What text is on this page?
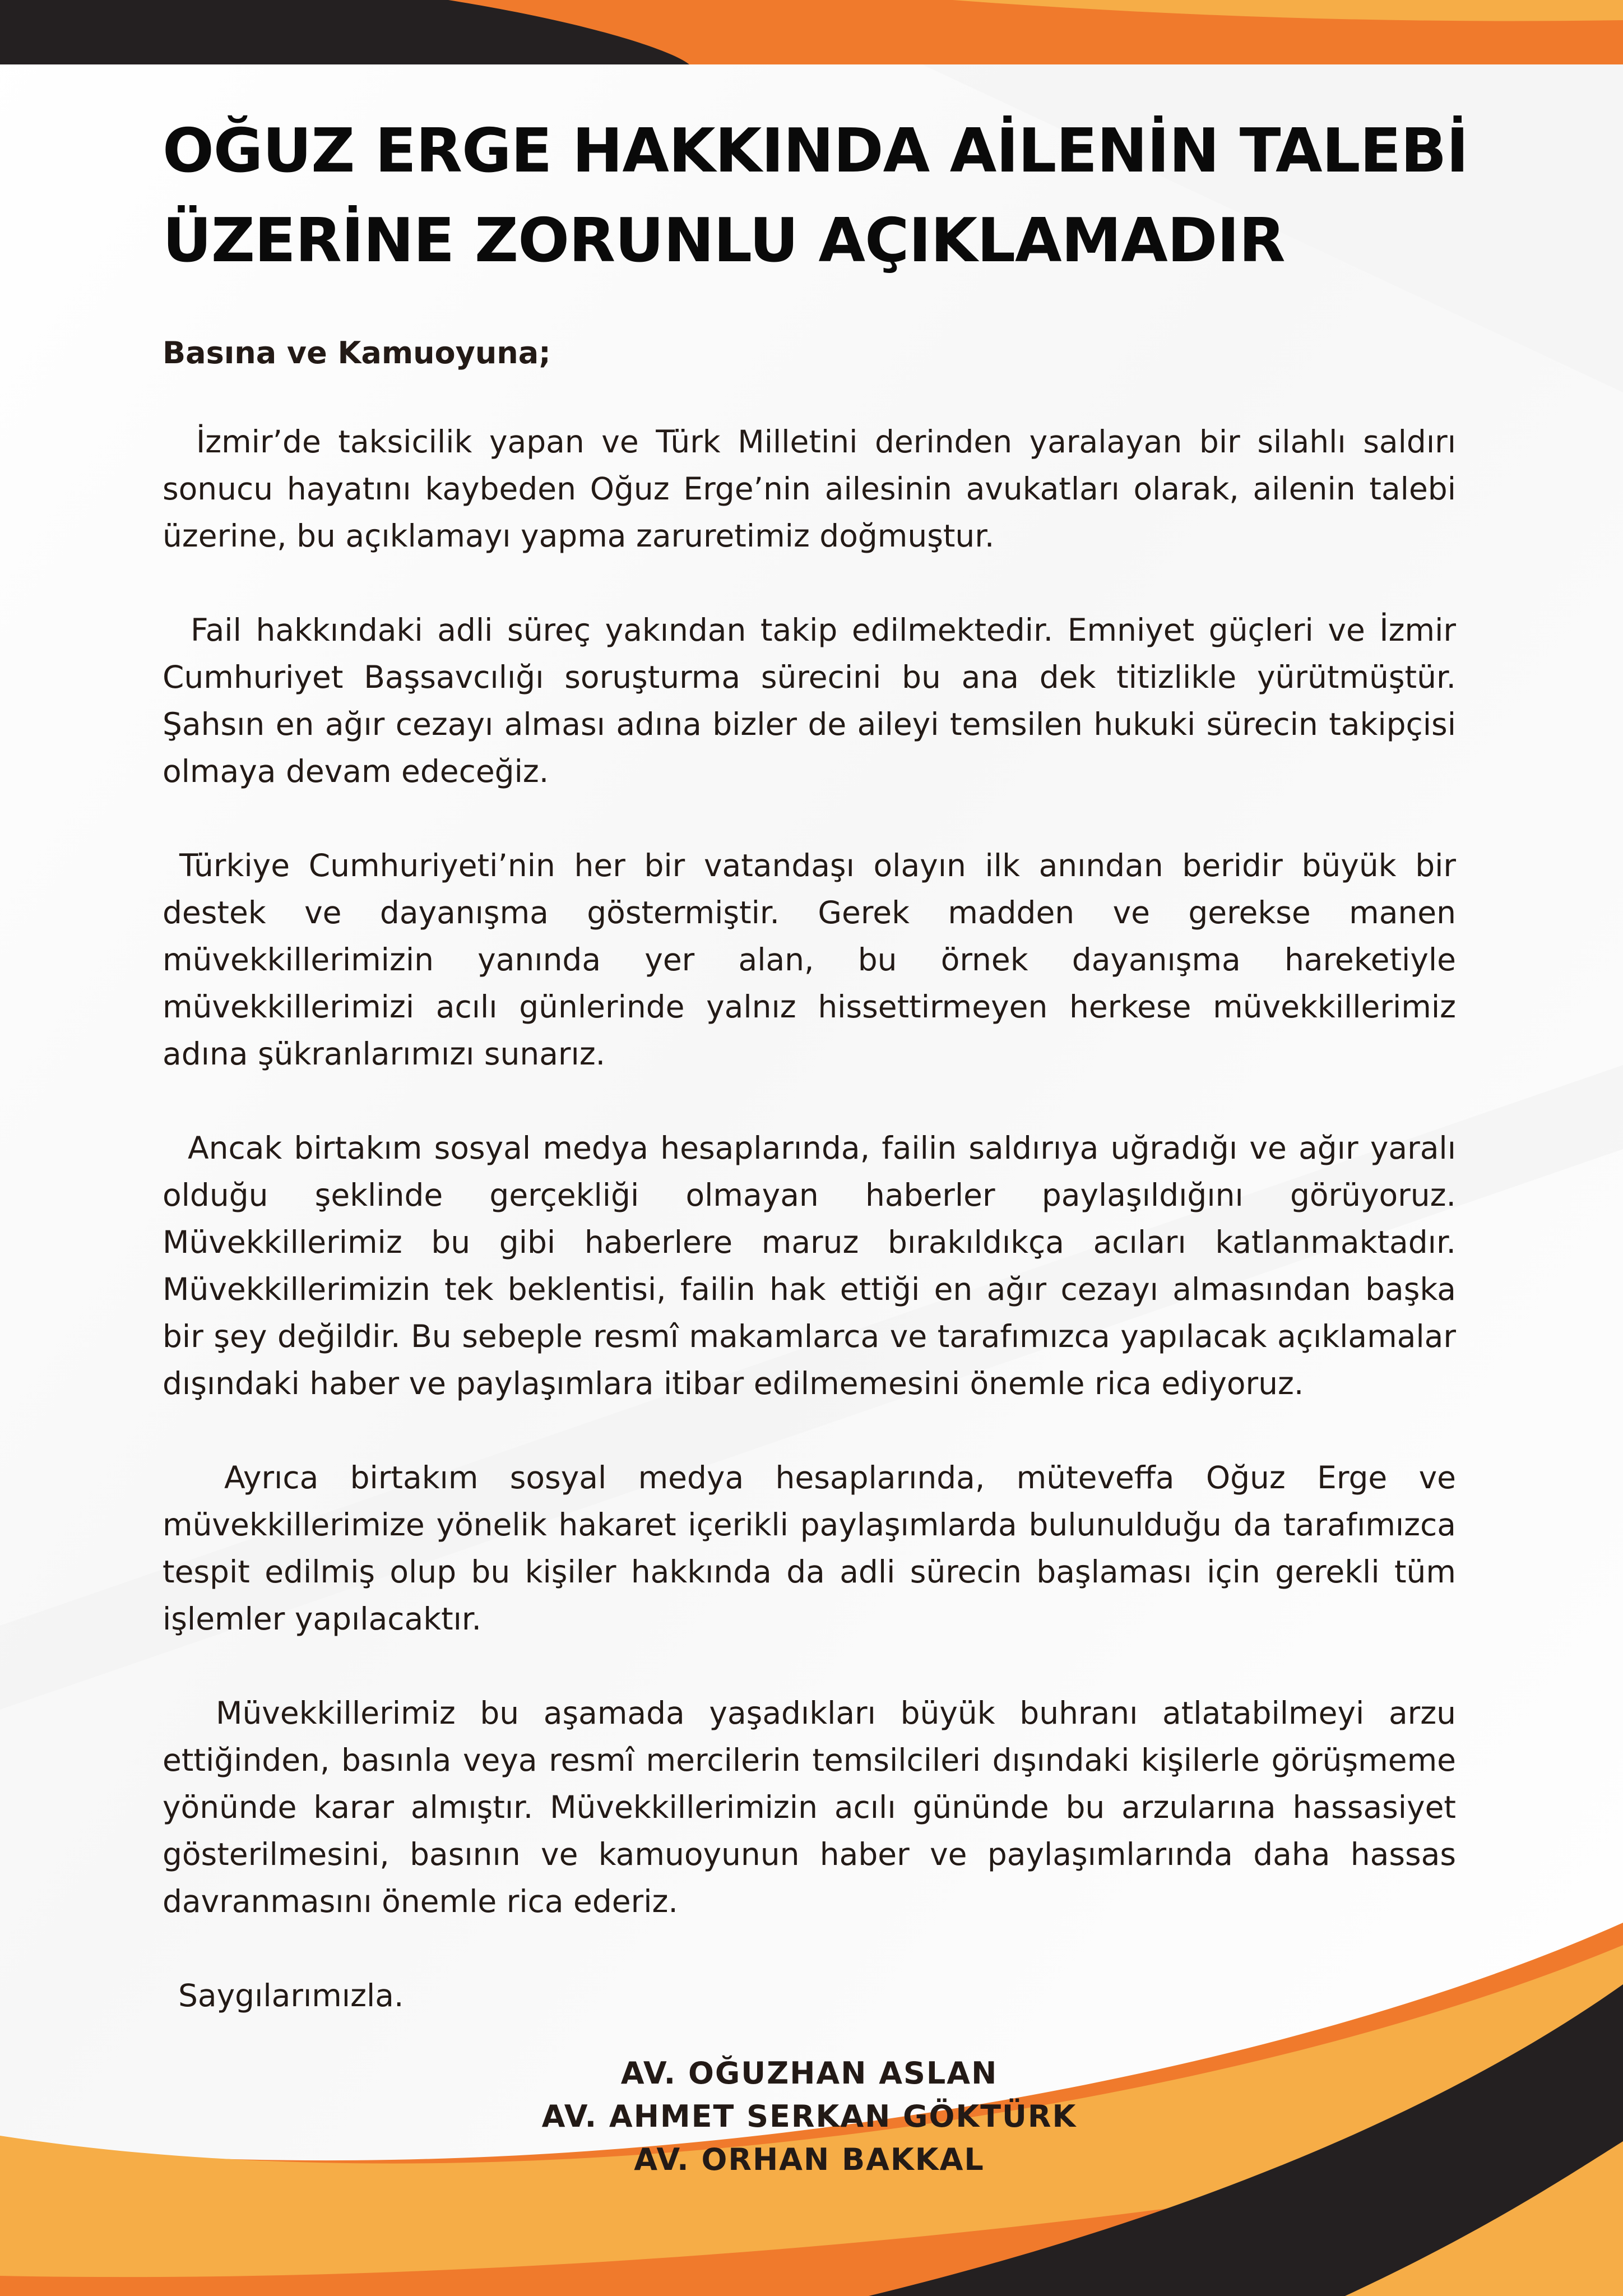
OĞUZ ERGE HAKKINDA AİLENİN TALEBİ
ÜZERİNE ZORUNLU AÇIKLAMADIR

Basına ve Kamuoyuna;

İzmir’de taksicilik yapan ve Türk Milletini derinden yaralayan bir silahlı saldırı sonucu hayatını kaybeden Oğuz Erge’nin ailesinin avukatları olarak, ailenin talebi üzerine, bu açıklamayı yapma zaruretimiz doğmuştur.

Fail hakkındaki adli süreç yakından takip edilmektedir. Emniyet güçleri ve İzmir Cumhuriyet Başsavcılığı soruşturma sürecini bu ana dek titizlikle yürütmüştür. Şahsın en ağır cezayı alması adına bizler de aileyi temsilen hukuki sürecin takipçisi olmaya devam edeceğiz.

Türkiye Cumhuriyeti’nin her bir vatandaşı olayın ilk anından beridir büyük bir destek ve dayanışma göstermiştir. Gerek madden ve gerekse manen müvekkillerimizin yanında yer alan, bu örnek dayanışma hareketiyle müvekkillerimizi acılı günlerinde yalnız hissettirmeyen herkese müvekkillerimiz adına şükranlarımızı sunarız.

Ancak birtakım sosyal medya hesaplarında, failin saldırıya uğradığı ve ağır yaralı olduğu şeklinde gerçekliği olmayan haberler paylaşıldığını görüyoruz. Müvekkillerimiz bu gibi haberlere maruz bırakıldıkça acıları katlanmaktadır. Müvekkillerimizin tek beklentisi, failin hak ettiği en ağır cezayı almasından başka bir şey değildir. Bu sebeple resmî makamlarca ve tarafımızca yapılacak açıklamalar dışındaki haber ve paylaşımlara itibar edilmemesini önemle rica ediyoruz.

Ayrıca birtakım sosyal medya hesaplarında, müteveffa Oğuz Erge ve müvekkillerimize yönelik hakaret içerikli paylaşımlarda bulunulduğu da tarafımızca tespit edilmiş olup bu kişiler hakkında da adli sürecin başlaması için gerekli tüm işlemler yapılacaktır.

Müvekkillerimiz bu aşamada yaşadıkları büyük buhranı atlatabilmeyi arzu ettiğinden, basınla veya resmî mercilerin temsilcileri dışındaki kişilerle görüşmeme yönünde karar almıştır. Müvekkillerimizin acılı gününde bu arzularına hassasiyet gösterilmesini, basının ve kamuoyunun haber ve paylaşımlarında daha hassas davranmasını önemle rica ederiz.

Saygılarımızla.

AV. OĞUZHAN ASLAN
AV. AHMET SERKAN GÖKTÜRK
AV. ORHAN BAKKAL
